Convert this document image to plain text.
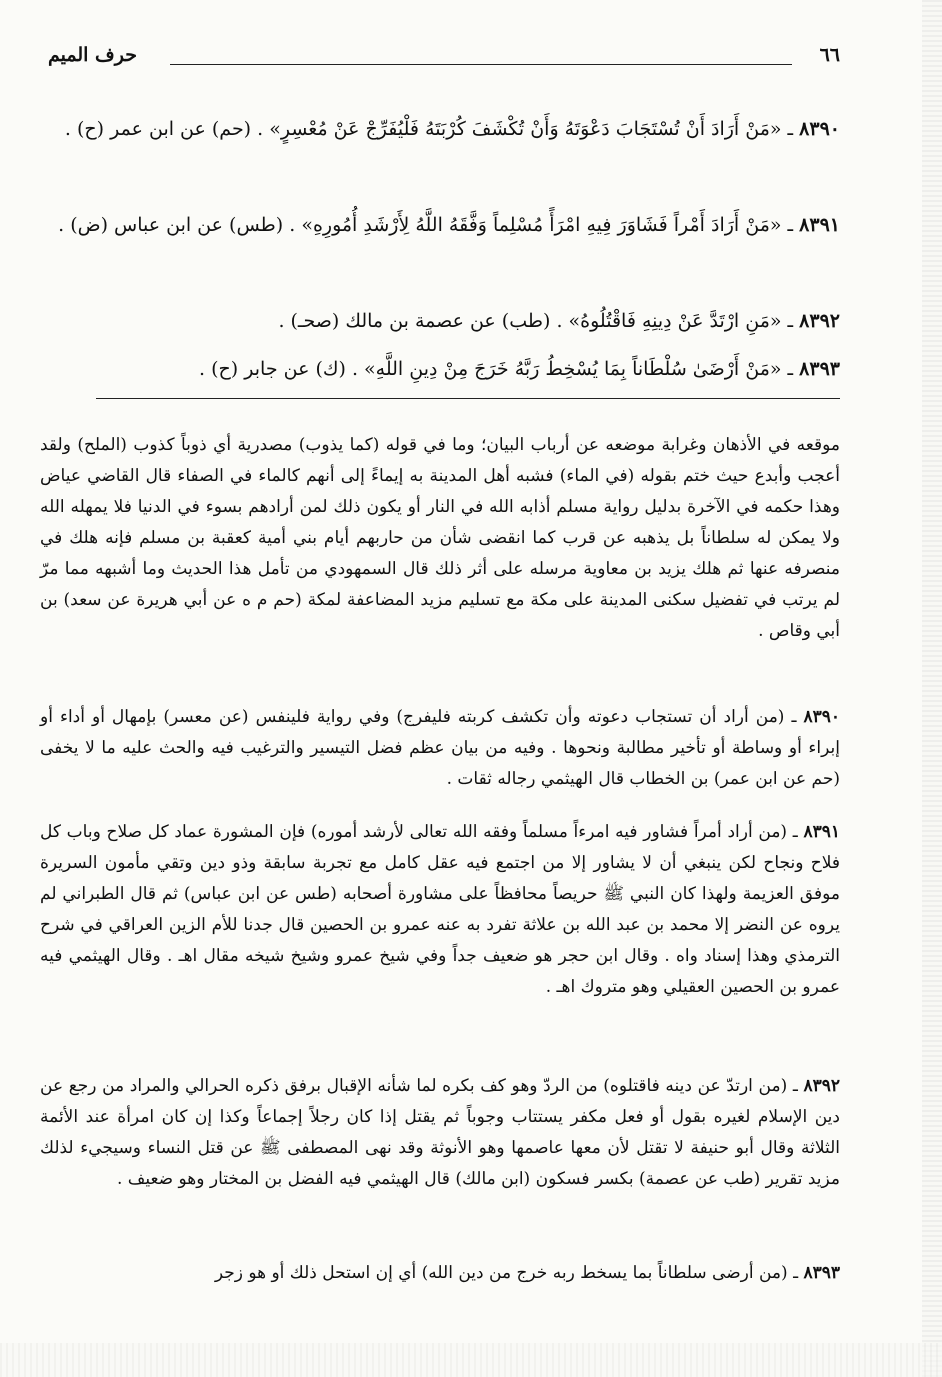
٦٦
حرف الميم
٨٣٩٠ ـ «مَنْ أَرَادَ أَنْ تُسْتَجَابَ دَعْوَتَهُ وَأَنْ تُكْشَفَ كُرْبَتَهُ فَلْيُفَرِّجْ عَنْ مُعْسِرٍ» . (حم) عن ابن عمر (ح) .
٨٣٩١ ـ «مَنْ أَرَادَ أَمْراً فَشَاوَرَ فِيهِ امْرَأً مُسْلِماً وَفَّقَهُ اللَّهُ لِأَرْشَدِ أُمُورِهِ» . (طس) عن ابن عباس (ض) .
٨٣٩٢ ـ «مَنِ ارْتَدَّ عَنْ دِينِهِ فَاقْتُلُوهُ» . (طب) عن عصمة بن مالك (صحـ) .
٨٣٩٣ ـ «مَنْ أَرْضَىٰ سُلْطَاناً بِمَا يُسْخِطُ رَبَّهُ خَرَجَ مِنْ دِينِ اللَّهِ» . (ك) عن جابر (ح) .
موقعه في الأذهان وغرابة موضعه عن أرباب البيان؛ وما في قوله (كما يذوب) مصدرية أي ذوباً كذوب (الملح) ولقد أعجب وأبدع حيث ختم بقوله (في الماء) فشبه أهل المدينة به إيماءً إلى أنهم كالماء في الصفاء قال القاضي عياض وهذا حكمه في الآخرة بدليل رواية مسلم أذابه الله في النار أو يكون ذلك لمن أرادهم بسوء في الدنيا فلا يمهله الله ولا يمكن له سلطاناً بل يذهبه عن قرب كما انقضى شأن من حاربهم أيام بني أمية كعقبة بن مسلم فإنه هلك في منصرفه عنها ثم هلك يزيد بن معاوية مرسله على أثر ذلك قال السمهودي من تأمل هذا الحديث وما أشبهه مما مرّ لم يرتب في تفضيل سكنى المدينة على مكة مع تسليم مزيد المضاعفة لمكة (حم م ه عن أبي هريرة عن سعد) بن أبي وقاص .
٨٣٩٠ ـ (من أراد أن تستجاب دعوته وأن تكشف كربته فليفرج) وفي رواية فلينفس (عن معسر) بإمهال أو أداء أو إبراء أو وساطة أو تأخير مطالبة ونحوها . وفيه من بيان عظم فضل التيسير والترغيب فيه والحث عليه ما لا يخفى (حم عن ابن عمر) بن الخطاب قال الهيثمي رجاله ثقات .
٨٣٩١ ـ (من أراد أمراً فشاور فيه امرءاً مسلماً وفقه الله تعالى لأرشد أموره) فإن المشورة عماد كل صلاح وباب كل فلاح ونجاح لكن ينبغي أن لا يشاور إلا من اجتمع فيه عقل كامل مع تجربة سابقة وذو دين وتقي مأمون السريرة موفق العزيمة ولهذا كان النبي ﷺ حريصاً محافظاً على مشاورة أصحابه (طس عن ابن عباس) ثم قال الطبراني لم يروه عن النضر إلا محمد بن عبد الله بن علاثة تفرد به عنه عمرو بن الحصين قال جدنا للأم الزين العراقي في شرح الترمذي وهذا إسناد واه . وقال ابن حجر هو ضعيف جداً وفي شيخ عمرو وشيخ شيخه مقال اهـ . وقال الهيثمي فيه عمرو بن الحصين العقيلي وهو متروك اهـ .
٨٣٩٢ ـ (من ارتدّ عن دينه فاقتلوه) من الردّ وهو كف بكره لما شأنه الإقبال برفق ذكره الحرالي والمراد من رجع عن دين الإسلام لغيره بقول أو فعل مكفر يستتاب وجوباً ثم يقتل إذا كان رجلاً إجماعاً وكذا إن كان امرأة عند الأئمة الثلاثة وقال أبو حنيفة لا تقتل لأن معها عاصمها وهو الأنوثة وقد نهى المصطفى ﷺ عن قتل النساء وسيجيء لذلك مزيد تقرير (طب عن عصمة) بكسر فسكون (ابن مالك) قال الهيثمي فيه الفضل بن المختار وهو ضعيف .
٨٣٩٣ ـ (من أرضى سلطاناً بما يسخط ربه خرج من دين الله) أي إن استحل ذلك أو هو زجر
